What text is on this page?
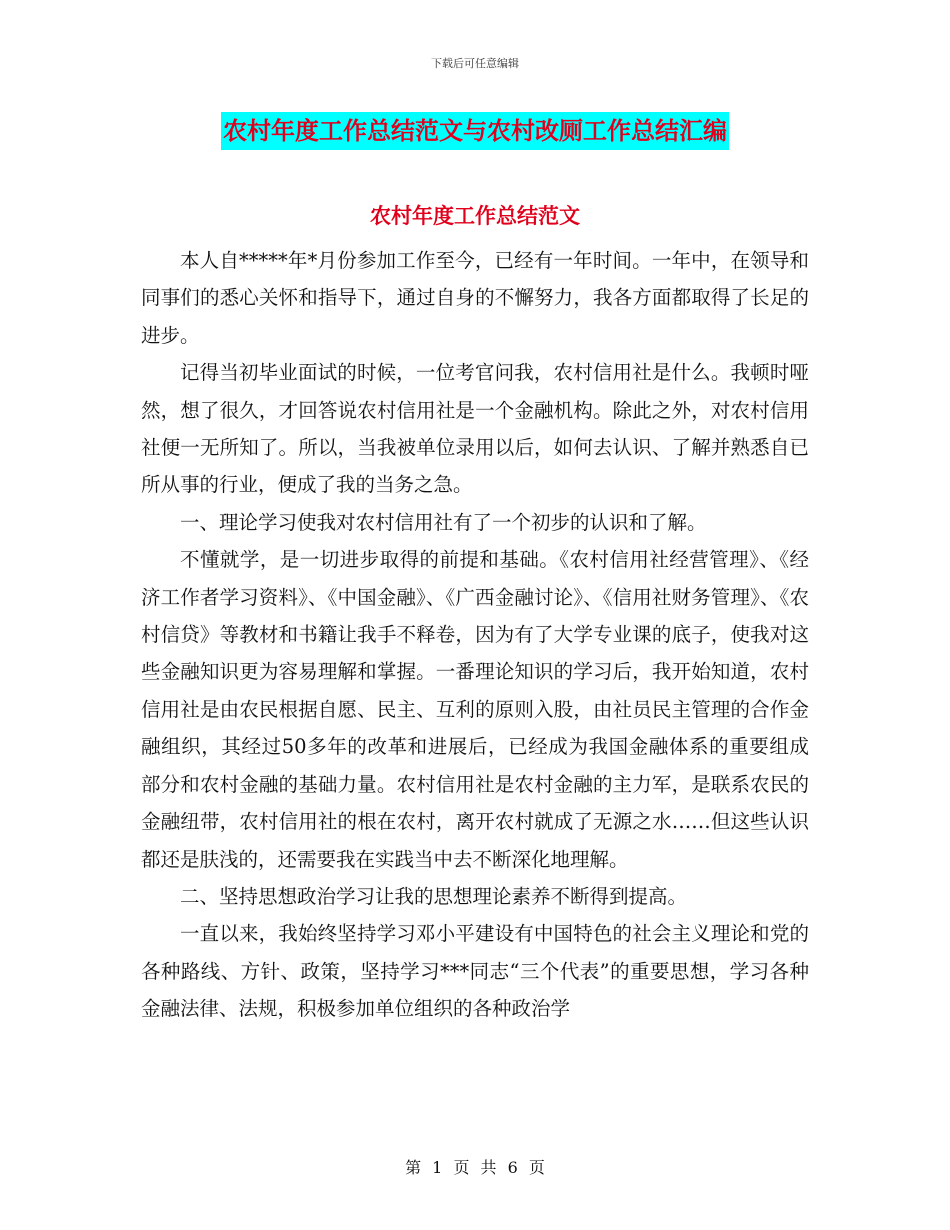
下载后可任意编辑
农村年度工作总结范文与农村改厕工作总结汇编
农村年度工作总结范文

本人自*****年*月份参加工作至今，已经有一年时间。一年中，在领导和同事们的悉心关怀和指导下，通过自身的不懈努力，我各方面都取得了长足的进步。

记得当初毕业面试的时候，一位考官问我，农村信用社是什么。我顿时哑然，想了很久，才回答说农村信用社是一个金融机构。除此之外，对农村信用社便一无所知了。所以，当我被单位录用以后，如何去认识、了解并熟悉自已所从事的行业，便成了我的当务之急。

一、理论学习使我对农村信用社有了一个初步的认识和了解。

不懂就学，是一切进步取得的前提和基础。《农村信用社经营管理》、《经济工作者学习资料》、《中国金融》、《广西金融讨论》、《信用社财务管理》、《农村信贷》等教材和书籍让我手不释卷，因为有了大学专业课的底子，使我对这些金融知识更为容易理解和掌握。一番理论知识的学习后，我开始知道，农村信用社是由农民根据自愿、民主、互利的原则入股，由社员民主管理的合作金融组织，其经过50多年的改革和进展后，已经成为我国金融体系的重要组成部分和农村金融的基础力量。农村信用社是农村金融的主力军，是联系农民的金融纽带，农村信用社的根在农村，离开农村就成了无源之水……但这些认识都还是肤浅的，还需要我在实践当中去不断深化地理解。

二、坚持思想政治学习让我的思想理论素养不断得到提高。

一直以来，我始终坚持学习邓小平建设有中国特色的社会主义理论和党的各种路线、方针、政策，坚持学习***同志“三个代表”的重要思想，学习各种金融法律、法规，积极参加单位组织的各种政治学

第 1 页 共 6 页
